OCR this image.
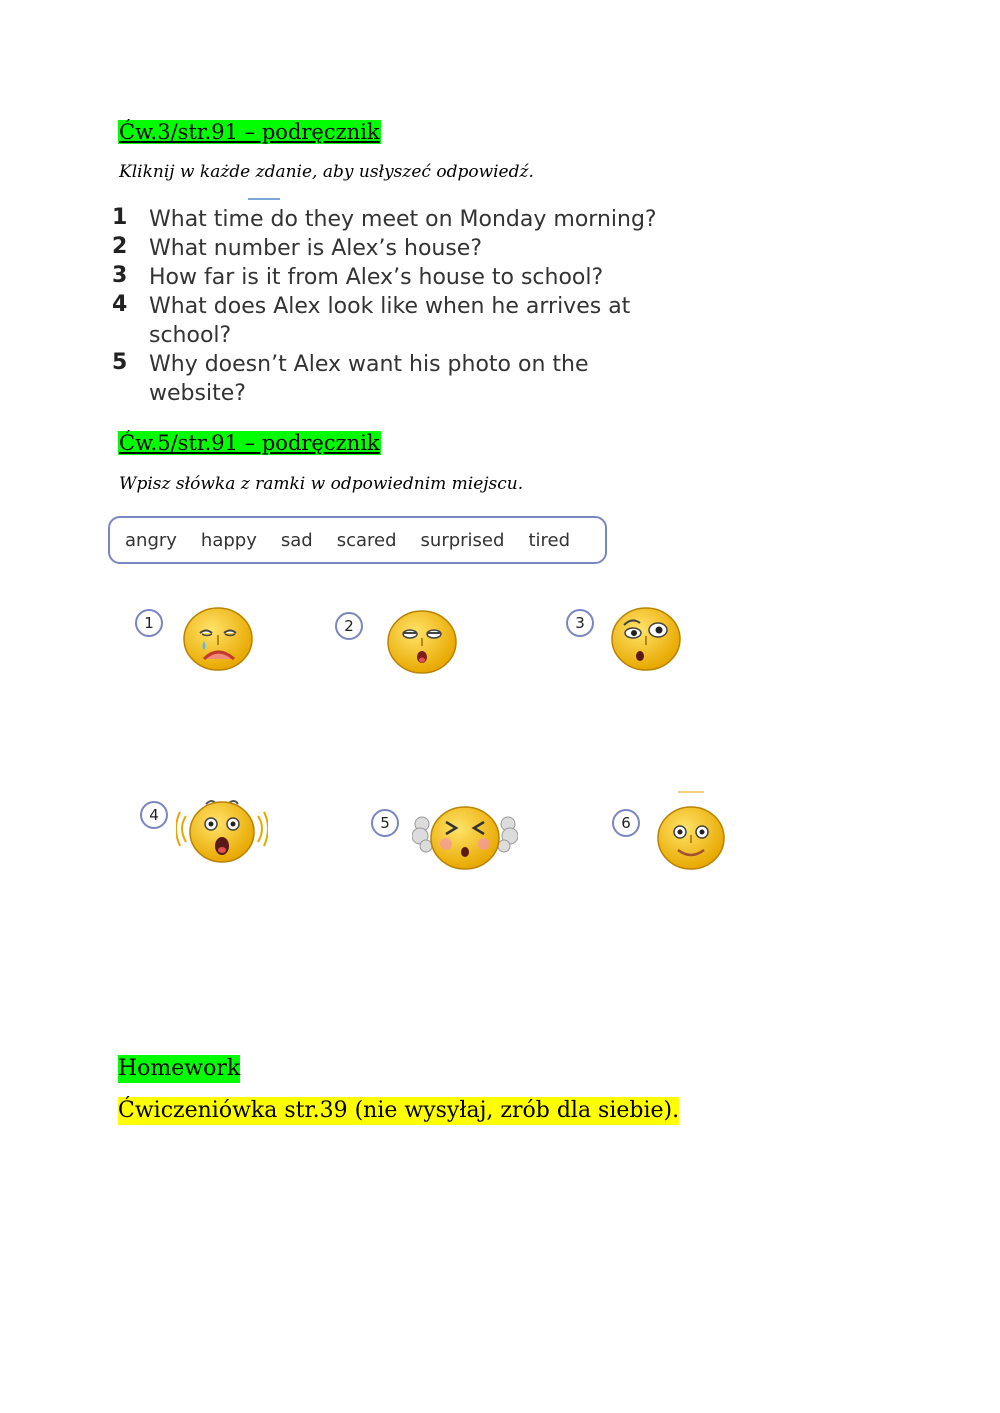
Ćw.3/str.91 – podręcznik
Kliknij w każde zdanie, aby usłyszeć odpowiedź.
1 What time do they meet on Monday morning?
2 What number is Alex’s house?
3 How far is it from Alex’s house to school?
4 What does Alex look like when he arrives at school?
5 Why doesn’t Alex want his photo on the website?
Ćw.5/str.91 – podręcznik
Wpisz słówka z ramki w odpowiednim miejscu.
angry happy sad scared surprised tired
1	2	3
4	5	6
Homework
Ćwiczeniówka str.39 (nie wysyłaj, zrób dla siebie).
